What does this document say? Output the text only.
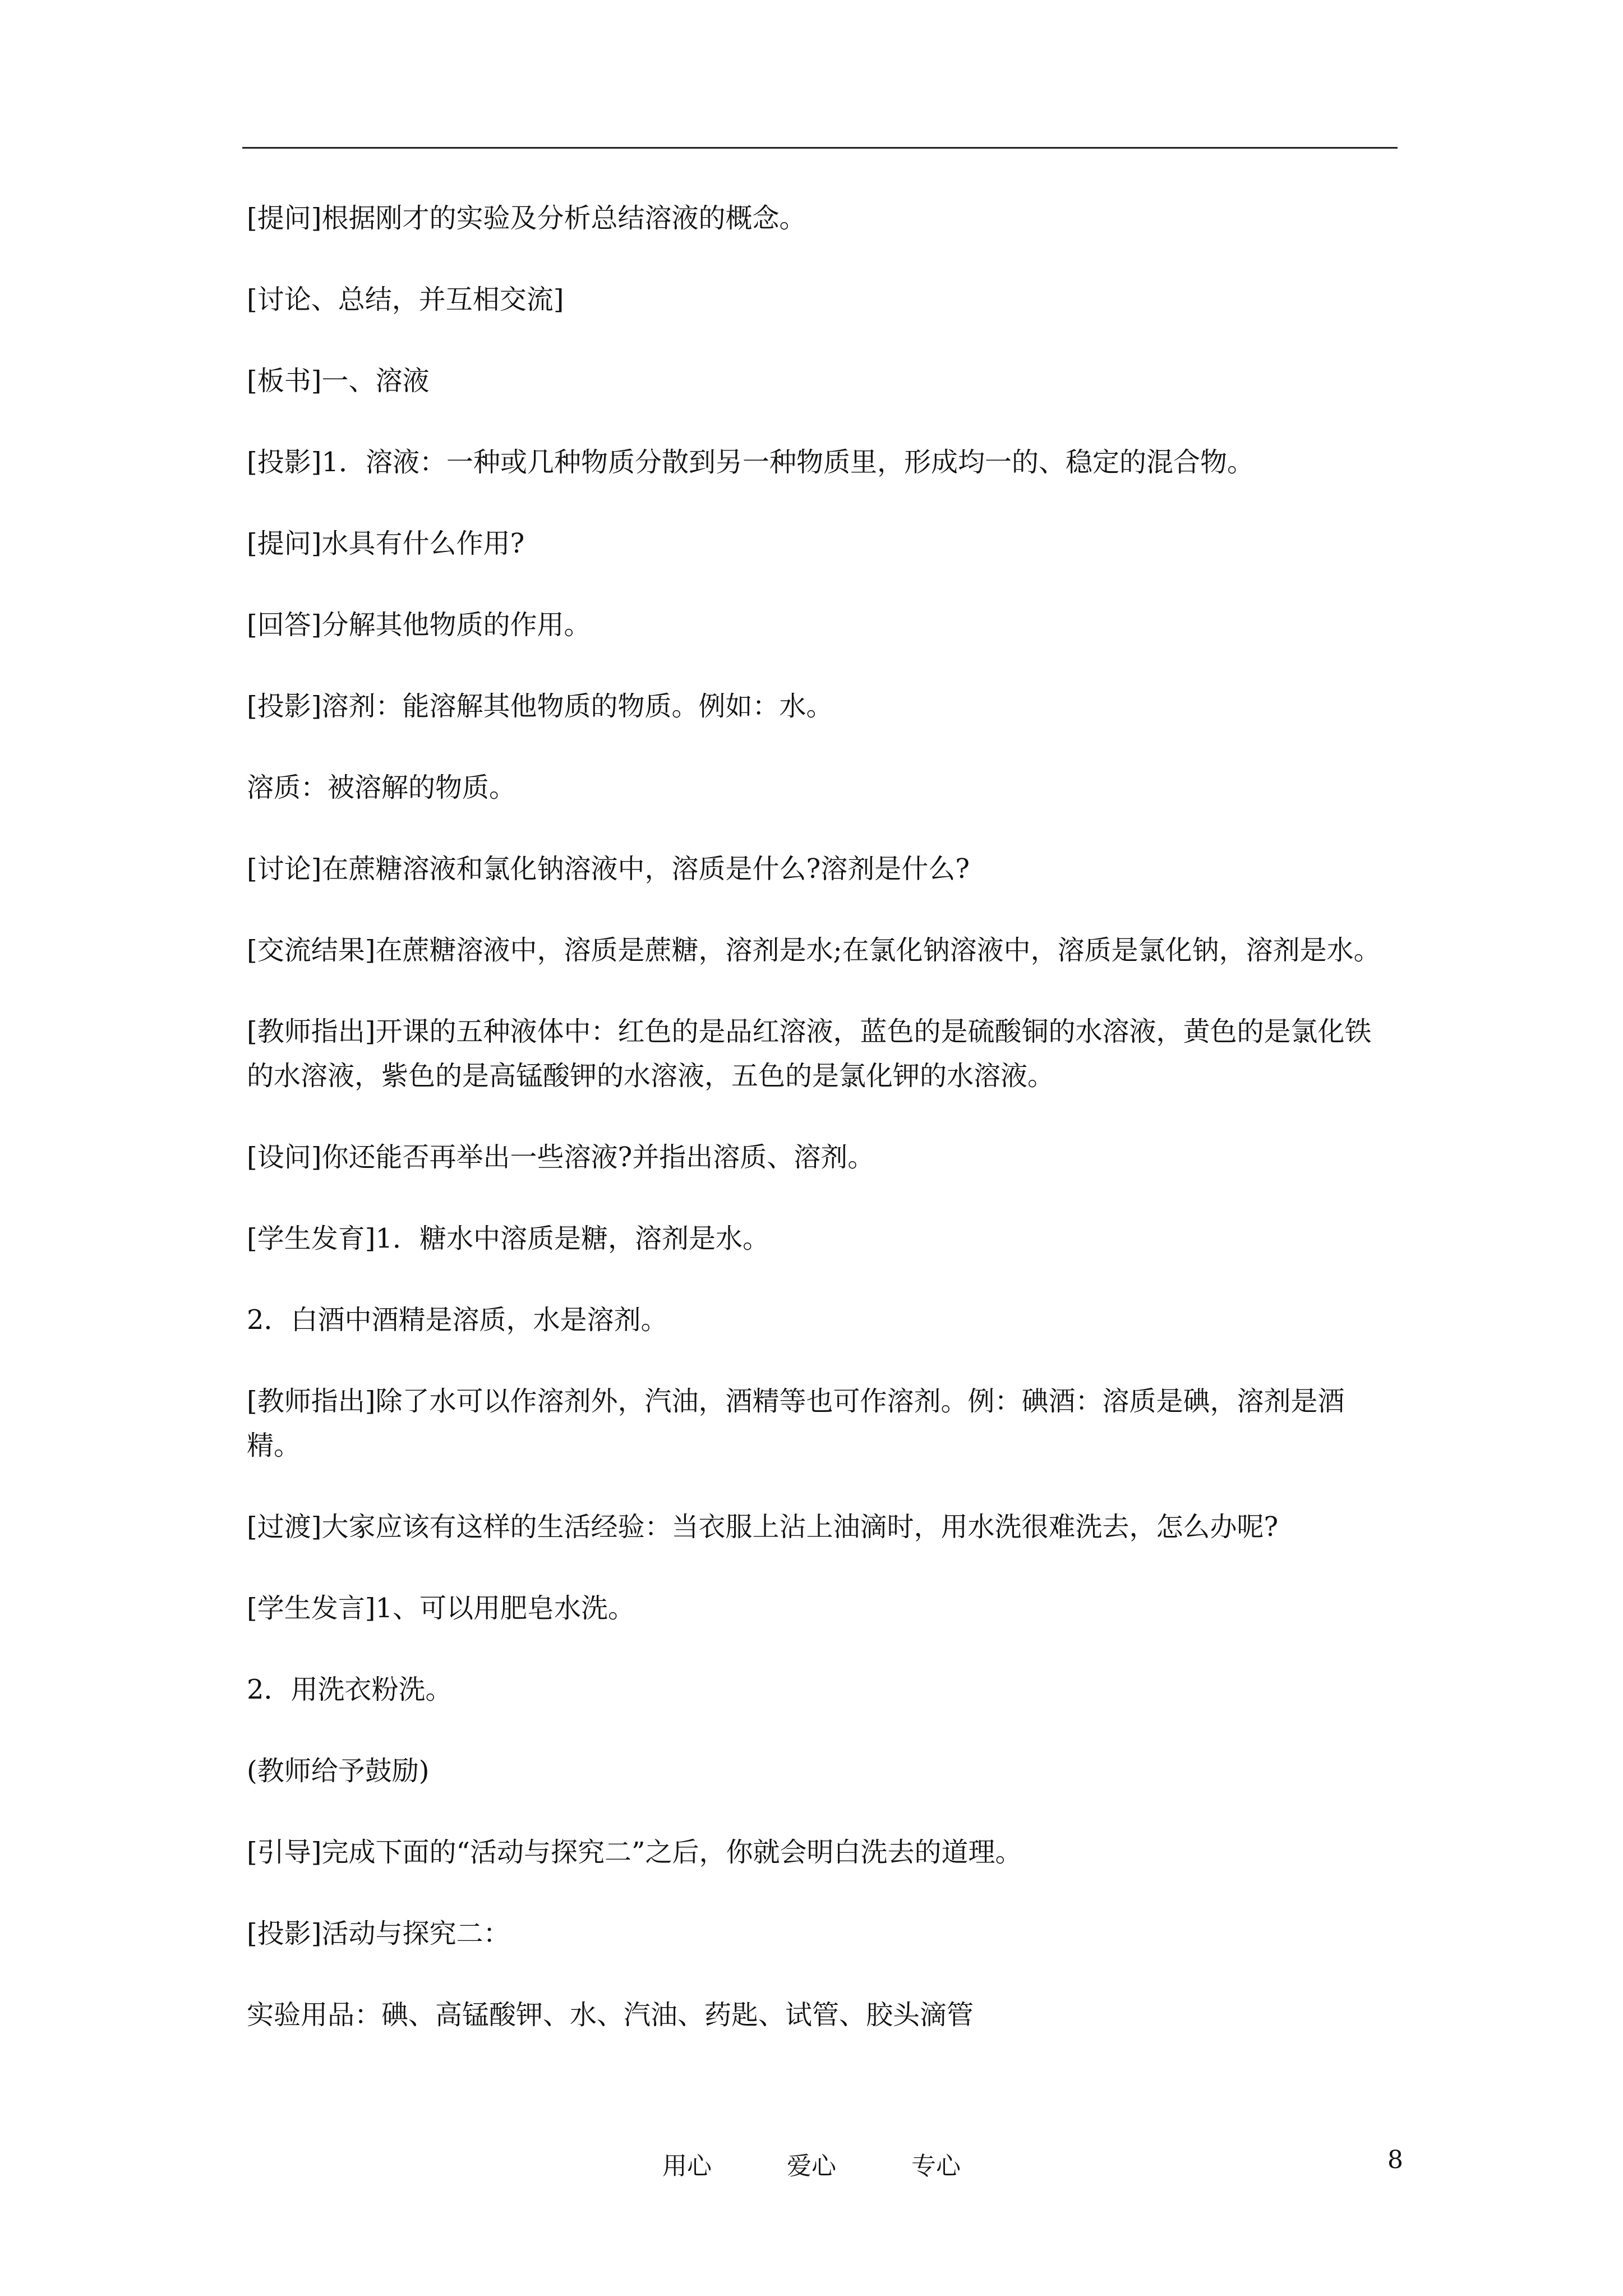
[提问]根据刚才的实验及分析总结溶液的概念。

[讨论、总结，并互相交流]

[板书]一、溶液

[投影]1．溶液：一种或几种物质分散到另一种物质里，形成均一的、稳定的混合物。

[提问]水具有什么作用?

[回答]分解其他物质的作用。

[投影]溶剂：能溶解其他物质的物质。例如：水。

溶质：被溶解的物质。

[讨论]在蔗糖溶液和氯化钠溶液中，溶质是什么?溶剂是什么?

[交流结果]在蔗糖溶液中，溶质是蔗糖，溶剂是水;在氯化钠溶液中，溶质是氯化钠，溶剂是水。

[教师指出]开课的五种液体中：红色的是品红溶液，蓝色的是硫酸铜的水溶液，黄色的是氯化铁的水溶液，紫色的是高锰酸钾的水溶液，五色的是氯化钾的水溶液。

[设问]你还能否再举出一些溶液?并指出溶质、溶剂。

[学生发育]1．糖水中溶质是糖，溶剂是水。

2．白酒中酒精是溶质，水是溶剂。

[教师指出]除了水可以作溶剂外，汽油，酒精等也可作溶剂。例：碘酒：溶质是碘，溶剂是酒精。

[过渡]大家应该有这样的生活经验：当衣服上沾上油滴时，用水洗很难洗去，怎么办呢?

[学生发言]1、可以用肥皂水洗。

2．用洗衣粉洗。

(教师给予鼓励)

[引导]完成下面的“活动与探究二”之后，你就会明白洗去的道理。

[投影]活动与探究二：

实验用品：碘、高锰酸钾、水、汽油、药匙、试管、胶头滴管

用心	爱心	专心	8
